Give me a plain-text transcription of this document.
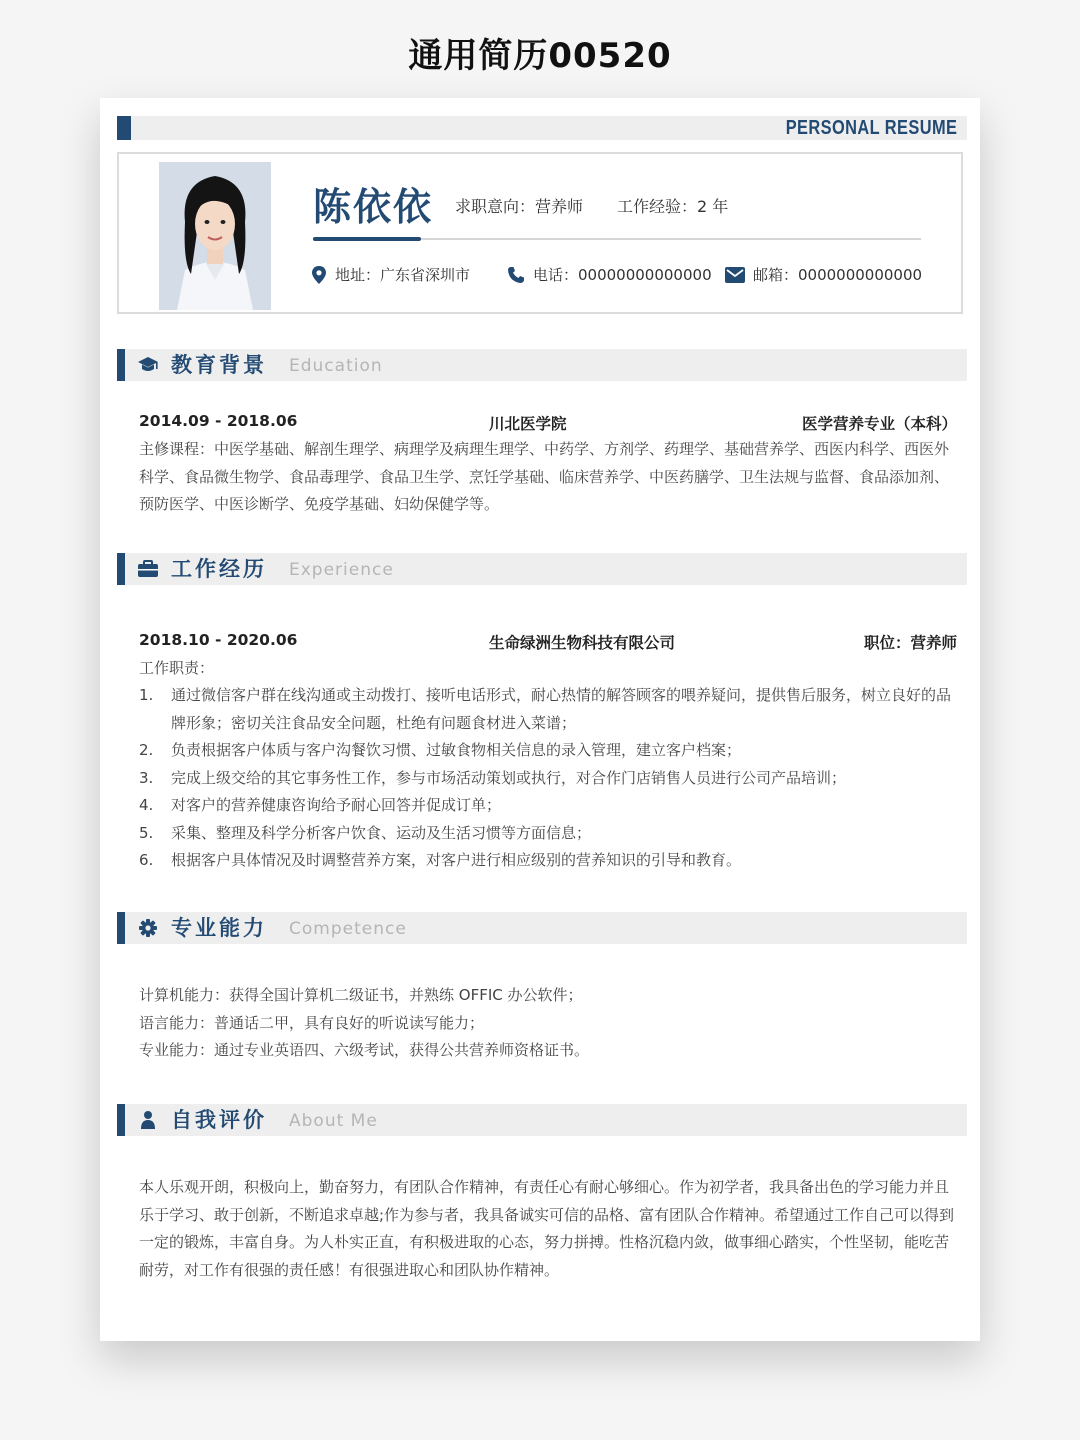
通用简历00520
PERSONAL RESUME
陈依依 求职意向：营养师 工作经验：2 年
地址：广东省深圳市	电话：00000000000000	邮箱：0000000000000
教育背景 Education
2014.09 - 2018.06	川北医学院	医学营养专业（本科）
主修课程：中医学基础、解剖生理学、病理学及病理生理学、中药学、方剂学、药理学、基础营养学、西医内科学、西医外科学、食品微生物学、食品毒理学、食品卫生学、烹饪学基础、临床营养学、中医药膳学、卫生法规与监督、食品添加剂、预防医学、中医诊断学、免疫学基础、妇幼保健学等。
工作经历 Experience
2018.10 - 2020.06	生命绿洲生物科技有限公司	职位：营养师
工作职责：
1. 通过微信客户群在线沟通或主动拨打、接听电话形式，耐心热情的解答顾客的喂养疑问，提供售后服务，树立良好的品牌形象；密切关注食品安全问题，杜绝有问题食材进入菜谱；
2. 负责根据客户体质与客户沟餐饮习惯、过敏食物相关信息的录入管理，建立客户档案；
3. 完成上级交给的其它事务性工作，参与市场活动策划或执行，对合作门店销售人员进行公司产品培训；
4. 对客户的营养健康咨询给予耐心回答并促成订单；
5. 采集、整理及科学分析客户饮食、运动及生活习惯等方面信息；
6. 根据客户具体情况及时调整营养方案，对客户进行相应级别的营养知识的引导和教育。
专业能力 Competence
计算机能力：获得全国计算机二级证书，并熟练 OFFIC 办公软件；
语言能力：普通话二甲，具有良好的听说读写能力；
专业能力：通过专业英语四、六级考试，获得公共营养师资格证书。
自我评价 About Me
本人乐观开朗，积极向上，勤奋努力，有团队合作精神，有责任心有耐心够细心。作为初学者，我具备出色的学习能力并且乐于学习、敢于创新，不断追求卓越;作为参与者，我具备诚实可信的品格、富有团队合作精神。希望通过工作自己可以得到一定的锻炼，丰富自身。为人朴实正直，有积极进取的心态，努力拼搏。性格沉稳内敛，做事细心踏实，个性坚韧，能吃苦耐劳，对工作有很强的责任感！有很强进取心和团队协作精神。
